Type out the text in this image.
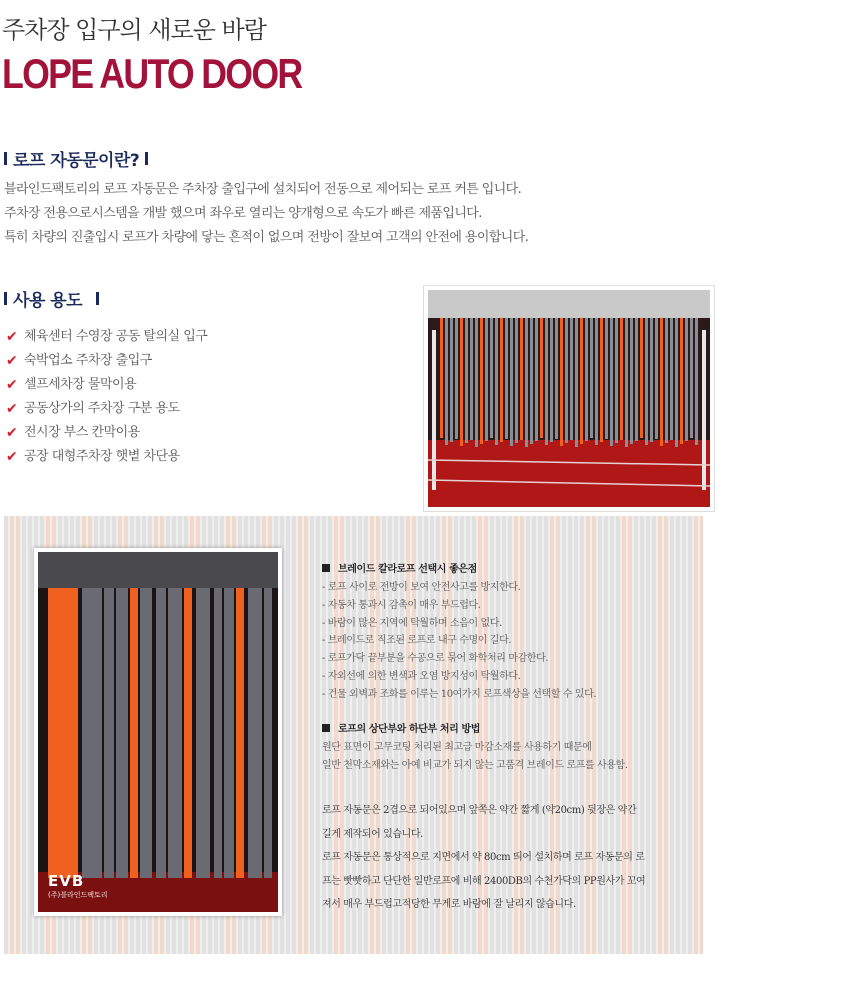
주차장 입구의 새로운 바람
LOPE AUTO DOOR
로프 자동문이란?

블라인드팩토리의 로프 자동문은 주차장 출입구에 설치되어 전동으로 제어되는 로프 커튼 입니다.

주차장 전용으로시스템을 개발 했으며 좌우로 열리는 양개형으로 속도가 빠른 제품입니다.

특히 차량의 진출입시 로프가 차량에 닿는 흔적이 없으며 전방이 잘보여 고객의 안전에 용이합니다.

사용 용도
✔ 체육센터 수영장 공동 탈의실 입구
✔ 숙박업소 주차장 출입구
✔ 셀프세차장 물막이용
✔ 공동상가의 주차장 구분 용도
✔ 전시장 부스 칸막이용
✔ 공장 대형주차장 햇볕 차단용
EVB
(주)블라인드팩토리

브레이드 칼라로프 선택시 좋은점

- 로프 사이로 전방이 보여 안전사고를 방지한다.

- 자동차 통과시 감촉이 매우 부드럽다.

- 바람이 많은 지역에 탁월하며 소음이 없다.

- 브레이드로 직조된 로프로 내구 수명이 길다.

- 로프가닥 끝부분을 수공으로 묶어 화학처리 마감한다.

- 자외선에 의한 변색과 오염 방지성이 탁월하다.

- 건물 외벽과 조화를 이루는 10여가지 로프색상을 선택할 수 있다.

로프의 상단부와 하단부 처리 방법

원단 표면이 고무코팅 처리된 최고급 마감소재를 사용하기 때문에

일반 천막소재와는 아예 비교가 되지 않는 고품격 브레이드 로프를 사용함.

로프 자동문은 2겹으로 되어있으며 앞쪽은 약간 짧게 (약20cm) 뒷장은 약간

길게 제작되어 있습니다.

로프 자동문은 통상적으로 지면에서 약 80cm 띄어 설치하며 로프 자동문의 로

프는 빳빳하고 단단한 일반로프에 비해 2400DB의 수천가닥의 PP원사가 꼬여

져서 매우 부드럽고적당한 무게로 바람에 잘 날리지 않습니다.
